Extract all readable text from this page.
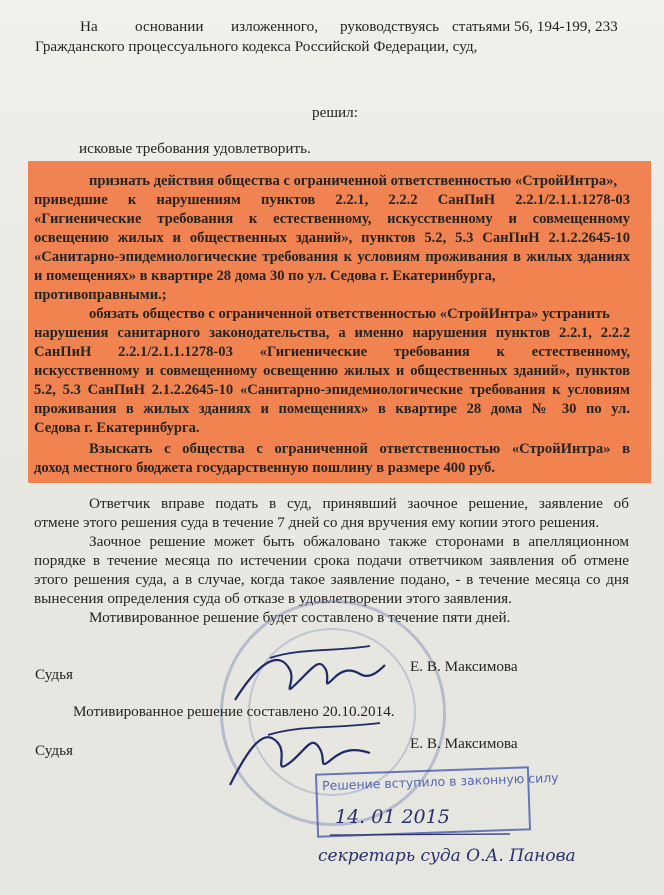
На основании изложенного, руководствуясь статьями 56, 194-199, 233
Гражданского процессуального кодекса Российской Федерации, суд,
решил:
исковые требования удовлетворить.
признать действия общества с ограниченной ответственностью «СтройИнтра»,
приведшие к нарушениям пунктов 2.2.1, 2.2.2 СанПиН 2.2.1/2.1.1.1278-03
«Гигиенические требования к естественному, искусственному и совмещенному
освещению жилых и общественных зданий», пунктов 5.2, 5.3 СанПиН 2.1.2.2645-10
«Санитарно-эпидемиологические требования к условиям проживания в жилых зданиях
и помещениях» в квартире 28 дома 30 по ул. Седова г. Екатеринбурга,
противоправными.;
обязать общество с ограниченной ответственностью «СтройИнтра» устранить
нарушения санитарного законодательства, а именно нарушения пунктов 2.2.1, 2.2.2
СанПиН 2.2.1/2.1.1.1278-03 «Гигиенические требования к естественному,
искусственному и совмещенному освещению жилых и общественных зданий», пунктов
5.2, 5.3 СанПиН 2.1.2.2645-10 «Санитарно-эпидемиологические требования к условиям
проживания в жилых зданиях и помещениях» в квартире 28 дома № 30 по ул.
Седова г. Екатеринбурга.
Взыскать с общества с ограниченной ответственностью «СтройИнтра» в
доход местного бюджета государственную пошлину в размере 400 руб.
Ответчик вправе подать в суд, принявший заочное решение, заявление об
отмене этого решения суда в течение 7 дней со дня вручения ему копии этого решения.
Заочное решение может быть обжаловано также сторонами в апелляционном
порядке в течение месяца по истечении срока подачи ответчиком заявления об отмене
этого решения суда, а в случае, когда такое заявление подано, - в течение месяца со дня
вынесения определения суда об отказе в удовлетворении этого заявления.
Мотивированное решение будет составлено в течение пяти дней.
Судья	Е. В. Максимова
Мотивированное решение составлено 20.10.2014.
Судья	Е. В. Максимова
Решение вступило в законную силу
14. 01 2015
секретарь суда О.А. Панова
